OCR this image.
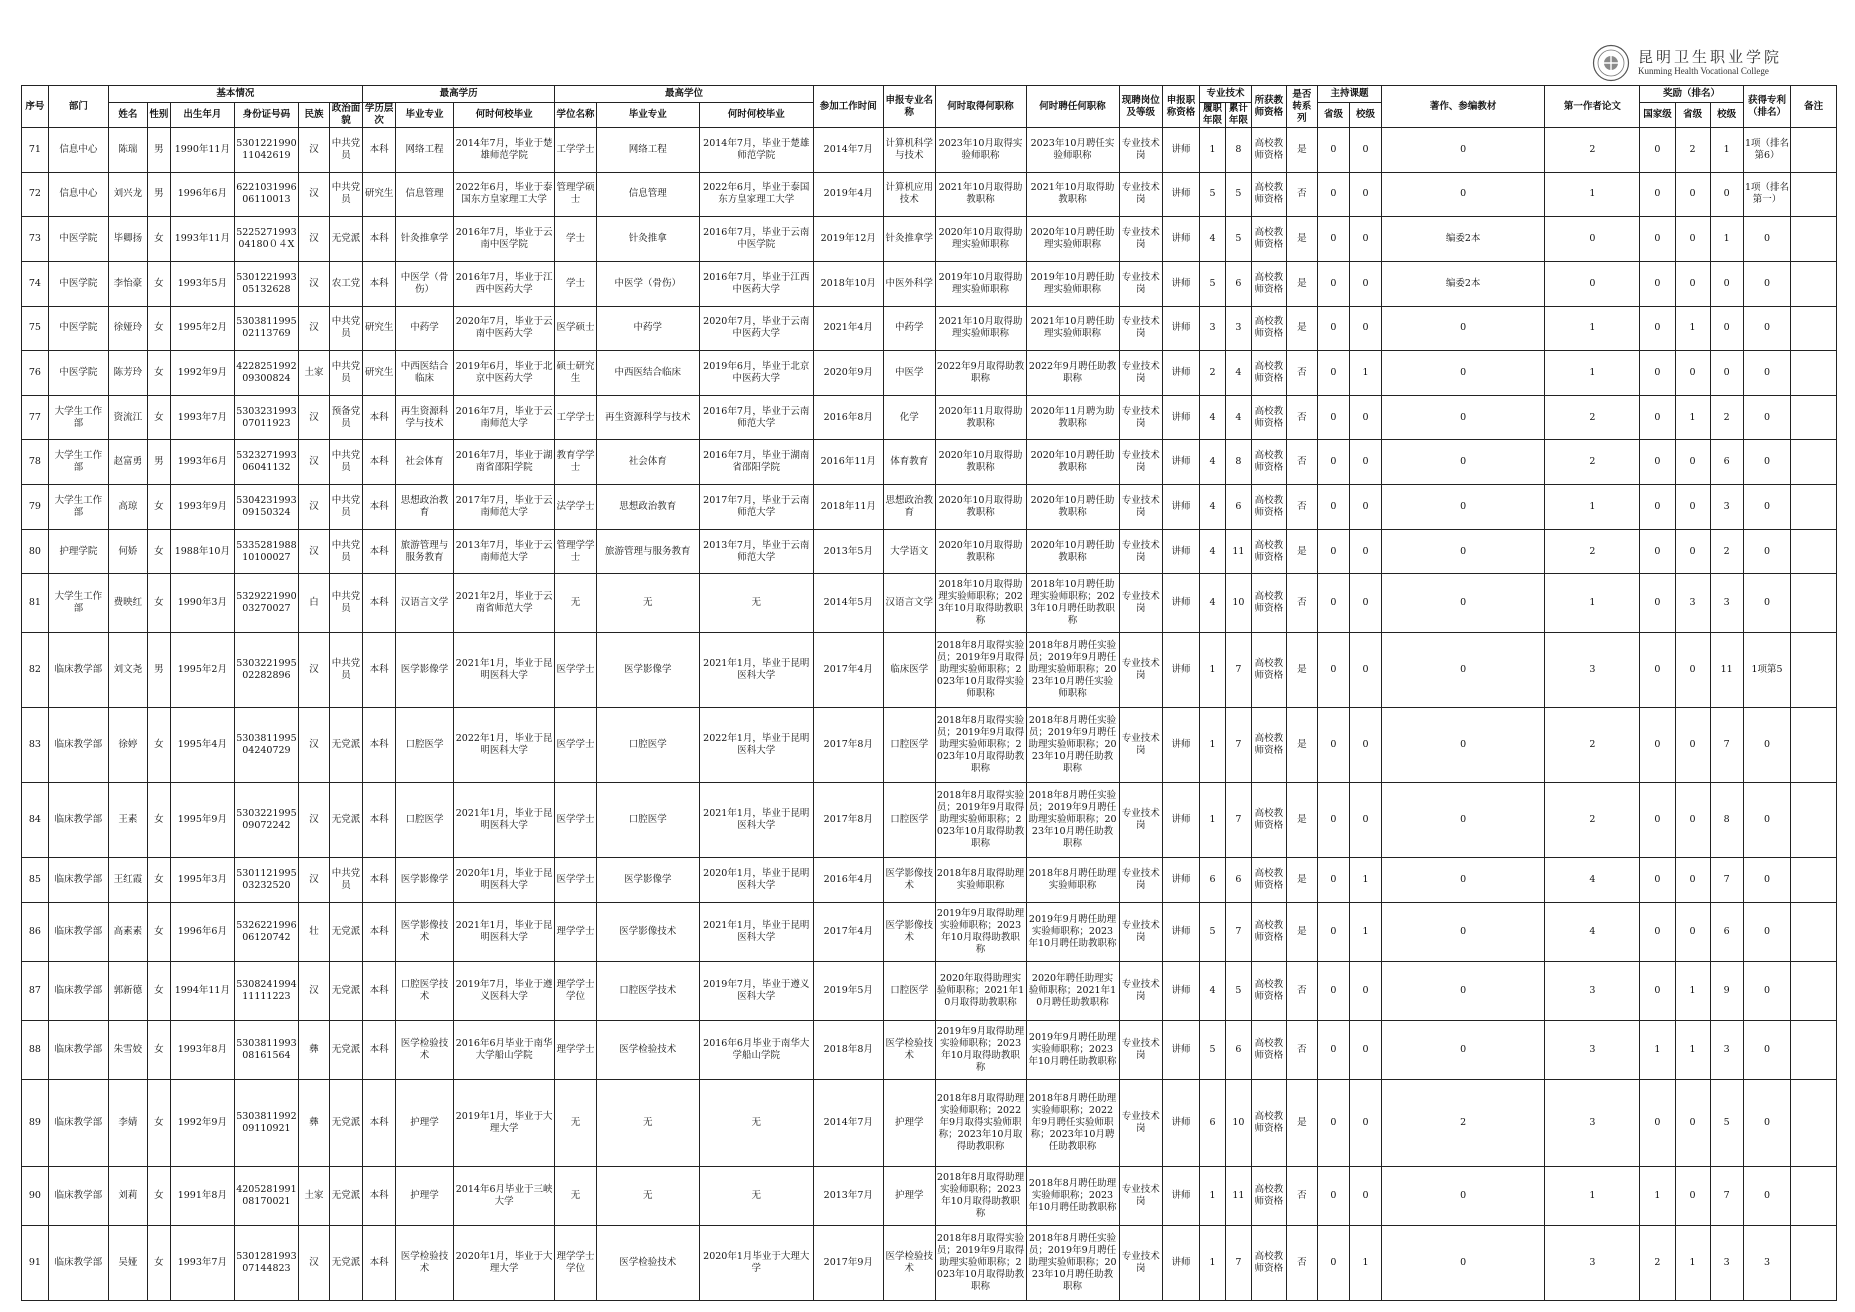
昆明卫生职业学院
Kunming Health Vocational College
序号	部门	基本情况						最高学历			最高学位			参加工作时间	申报专业名称	何时取得何职称	何时聘任何职称	现聘岗位及等级	申报职称资格	专业技术		所获教师资格	是否转系列	主持课题		著作、参编教材	第一作者论文	奖励（排名）			获得专利（排名）	备注
		姓名	性别	出生年月	身份证号码	民族	政治面貌	学历层次	毕业专业	何时何校毕业	学位名称	毕业专业	何时何校毕业							履职年限	累计年限			省级	校级			国家级	省级	校级		
71	信息中心	陈瑞	男	1990年11月	530122199011042619	汉	中共党员	本科	网络工程	2014年7月，毕业于楚雄师范学院	工学学士	网络工程	2014年7月，毕业于楚雄师范学院	2014年7月	计算机科学与技术	2023年10月取得实验师职称	2023年10月聘任实验师职称	专业技术岗	讲师	1	8	高校教师资格	是	0	0	0	2	0	2	1	1项（排名第6）	
72	信息中心	刘兴龙	男	1996年6月	622103199606110013	汉	中共党员	研究生	信息管理	2022年6月，毕业于泰国东方皇家理工大学	管理学硕士	信息管理	2022年6月，毕业于泰国东方皇家理工大学	2019年4月	计算机应用技术	2021年10月取得助教职称	2021年10月取得助教职称	专业技术岗	讲师	5	5	高校教师资格	否	0	0	0	1	0	0	0	1项（排名第一）	
73	中医学院	毕卿扬	女	1993年11月	522527199304180０４X	汉	无党派	本科	针灸推拿学	2016年7月，毕业于云南中医学院	学士	针灸推拿	2016年7月，毕业于云南中医学院	2019年12月	针灸推拿学	2020年10月取得助理实验师职称	2020年10月聘任助理实验师职称	专业技术岗	讲师	4	5	高校教师资格	是	0	0	编委2本	0	0	0	1	0	
74	中医学院	李怡豪	女	1993年5月	530122199305132628	汉	农工党	本科	中医学（骨伤）	2016年7月，毕业于江西中医药大学	学士	中医学（骨伤）	2016年7月，毕业于江西中医药大学	2018年10月	中医外科学	2019年10月取得助理实验师职称	2019年10月聘任助理实验师职称	专业技术岗	讲师	5	6	高校教师资格	是	0	0	编委2本	0	0	0	0	0	
75	中医学院	徐娅玲	女	1995年2月	530381199502113769	汉	中共党员	研究生	中药学	2020年7月，毕业于云南中医药大学	医学硕士	中药学	2020年7月，毕业于云南中医药大学	2021年4月	中药学	2021年10月取得助理实验师职称	2021年10月聘任助理实验师职称	专业技术岗	讲师	3	3	高校教师资格	是	0	0	0	1	0	1	0	0	
76	中医学院	陈芳玲	女	1992年9月	422825199209300824	土家	中共党员	研究生	中西医结合临床	2019年6月，毕业于北京中医药大学	硕士研究生	中西医结合临床	2019年6月，毕业于北京中医药大学	2020年9月	中医学	2022年9月取得助教职称	2022年9月聘任助教职称	专业技术岗	讲师	2	4	高校教师资格	否	0	1	0	1	0	0	0	0	
77	大学生工作部	资流江	女	1993年7月	530323199307011923	汉	预备党员	本科	再生资源科学与技术	2016年7月，毕业于云南师范大学	工学学士	再生资源科学与技术	2016年7月，毕业于云南师范大学	2016年8月	化学	2020年11月取得助教职称	2020年11月聘为助教职称	专业技术岗	讲师	4	4	高校教师资格	否	0	0	0	2	0	1	2	0	
78	大学生工作部	赵富勇	男	1993年6月	532327199306041132	汉	中共党员	本科	社会体育	2016年7月，毕业于湖南省邵阳学院	教育学学士	社会体育	2016年7月，毕业于湖南省邵阳学院	2016年11月	体育教育	2020年10月取得助教职称	2020年10月聘任助教职称	专业技术岗	讲师	4	8	高校教师资格	否	0	0	0	2	0	0	6	0	
79	大学生工作部	高琼	女	1993年9月	530423199309150324	汉	中共党员	本科	思想政治教育	2017年7月，毕业于云南师范大学	法学学士	思想政治教育	2017年7月，毕业于云南师范大学	2018年11月	思想政治教育	2020年10月取得助教职称	2020年10月聘任助教职称	专业技术岗	讲师	4	6	高校教师资格	否	0	0	0	1	0	0	3	0	
80	护理学院	何娇	女	1988年10月	533528198810100027	汉	中共党员	本科	旅游管理与服务教育	2013年7月，毕业于云南师范大学	管理学学士	旅游管理与服务教育	2013年7月，毕业于云南师范大学	2013年5月	大学语文	2020年10月取得助教职称	2020年10月聘任助教职称	专业技术岗	讲师	4	11	高校教师资格	是	0	0	0	2	0	0	2	0	
81	大学生工作部	费映红	女	1990年3月	532922199003270027	白	中共党员	本科	汉语言文学	2021年2月，毕业于云南省师范大学	无	无	无	2014年5月	汉语言文学	2018年10月取得助理实验师职称；2023年10月取得助教职称	2018年10月聘任助理实验师职称；2023年10月聘任助教职称	专业技术岗	讲师	4	10	高校教师资格	否	0	0	0	1	0	3	3	0	
82	临床教学部	刘文尧	男	1995年2月	530322199502282896	汉	中共党员	本科	医学影像学	2021年1月，毕业于昆明医科大学	医学学士	医学影像学	2021年1月，毕业于昆明医科大学	2017年4月	临床医学	2018年8月取得实验员；2019年9月取得助理实验师职称；2023年10月取得实验师职称	2018年8月聘任实验员；2019年9月聘任助理实验师职称；2023年10月聘任实验师职称	专业技术岗	讲师	1	7	高校教师资格	是	0	0	0	3	0	0	11	1项第5	
83	临床教学部	徐婷	女	1995年4月	530381199504240729	汉	无党派	本科	口腔医学	2022年1月，毕业于昆明医科大学	医学学士	口腔医学	2022年1月，毕业于昆明医科大学	2017年8月	口腔医学	2018年8月取得实验员；2019年9月取得助理实验师职称；2023年10月取得助教职称	2018年8月聘任实验员；2019年9月聘任助理实验师职称；2023年10月聘任助教职称	专业技术岗	讲师	1	7	高校教师资格	是	0	0	0	2	0	0	7	0	
84	临床教学部	王素	女	1995年9月	530322199509072242	汉	无党派	本科	口腔医学	2021年1月，毕业于昆明医科大学	医学学士	口腔医学	2021年1月，毕业于昆明医科大学	2017年8月	口腔医学	2018年8月取得实验员；2019年9月取得助理实验师职称；2023年10月取得助教职称	2018年8月聘任实验员；2019年9月聘任助理实验师职称；2023年10月聘任助教职称	专业技术岗	讲师	1	7	高校教师资格	是	0	0	0	2	0	0	8	0	
85	临床教学部	王红霞	女	1995年3月	530112199503232520	汉	中共党员	本科	医学影像学	2020年1月，毕业于昆明医科大学	医学学士	医学影像学	2020年1月，毕业于昆明医科大学	2016年4月	医学影像技术	2018年8月取得助理实验师职称	2018年8月聘任助理实验师职称	专业技术岗	讲师	6	6	高校教师资格	是	0	1	0	4	0	0	7	0	
86	临床教学部	高素素	女	1996年6月	532622199606120742	壮	无党派	本科	医学影像技术	2021年1月，毕业于昆明医科大学	理学学士	医学影像技术	2021年1月，毕业于昆明医科大学	2017年4月	医学影像技术	2019年9月取得助理实验师职称；2023年10月取得助教职称	2019年9月聘任助理实验师职称；2023年10月聘任助教职称	专业技术岗	讲师	5	7	高校教师资格	是	0	1	0	4	0	0	6	0	
87	临床教学部	郭新德	女	1994年11月	530824199411111223	汉	无党派	本科	口腔医学技术	2019年7月，毕业于遵义医科大学	理学学士学位	口腔医学技术	2019年7月，毕业于遵义医科大学	2019年5月	口腔医学	2020年取得助理实验师职称；2021年10月取得助教职称	2020年聘任助理实验师职称；2021年10月聘任助教职称	专业技术岗	讲师	4	5	高校教师资格	否	0	0	0	3	0	1	9	0	
88	临床教学部	朱雪姣	女	1993年8月	530381199308161564	彝	无党派	本科	医学检验技术	2016年6月毕业于南华大学船山学院	理学学士	医学检验技术	2016年6月毕业于南华大学船山学院	2018年8月	医学检验技术	2019年9月取得助理实验师职称；2023年10月取得助教职称	2019年9月聘任助理实验师职称；2023年10月聘任助教职称	专业技术岗	讲师	5	6	高校教师资格	否	0	0	0	3	1	1	3	0	
89	临床教学部	李婧	女	1992年9月	530381199209110921	彝	无党派	本科	护理学	2019年1月，毕业于大理大学	无	无	无	2014年7月	护理学	2018年8月取得助理实验师职称；2022年9月取得实验师职称；2023年10月取得助教职称	2018年8月聘任助理实验师职称；2022年9月聘任实验师职称；2023年10月聘任助教职称	专业技术岗	讲师	6	10	高校教师资格	是	0	0	2	3	0	0	5	0	
90	临床教学部	刘莉	女	1991年8月	420528199108170021	土家	无党派	本科	护理学	2014年6月毕业于三峡大学	无	无	无	2013年7月	护理学	2018年8月取得助理实验师职称；2023年10月取得助教职称	2018年8月聘任助理实验师职称；2023年10月聘任助教职称	专业技术岗	讲师	1	11	高校教师资格	否	0	0	0	1	1	0	7	0	
91	临床教学部	吴娅	女	1993年7月	530128199307144823	汉	无党派	本科	医学检验技术	2020年1月，毕业于大理大学	理学学士学位	医学检验技术	2020年1月毕业于大理大学	2017年9月	医学检验技术	2018年8月取得实验员；2019年9月取得助理实验师职称；2023年10月取得助教职称	2018年8月聘任实验员；2019年9月聘任助理实验师职称；2023年10月聘任助教职称	专业技术岗	讲师	1	7	高校教师资格	否	0	1	0	3	2	1	3	3	
